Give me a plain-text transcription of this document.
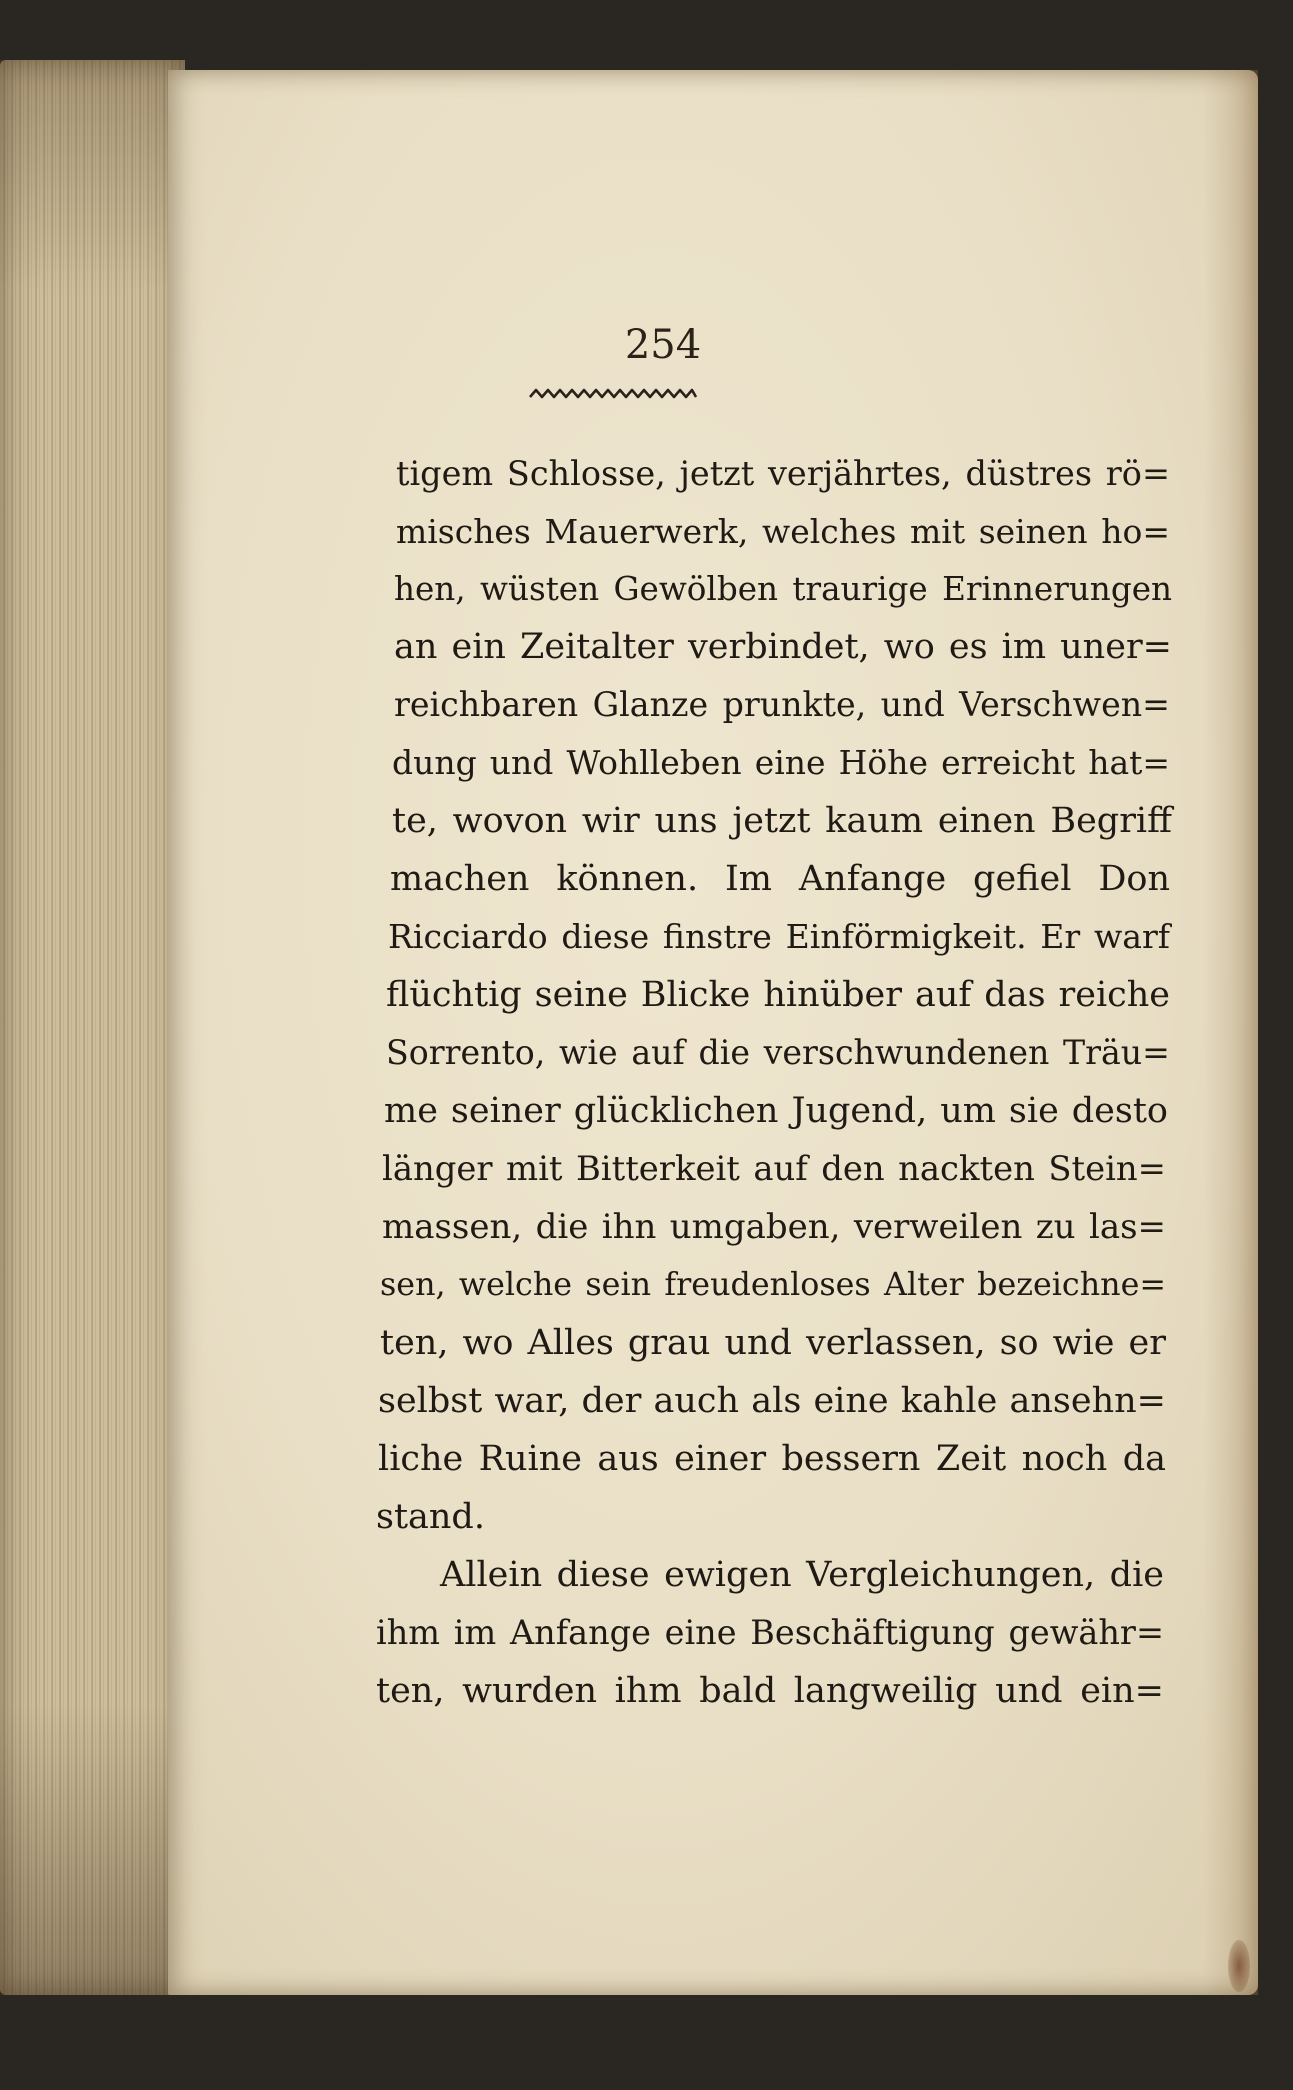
254
tigem Schlosse, jetzt verjährtes, düstres rö=
misches Mauerwerk, welches mit seinen ho=
hen, wüsten Gewölben traurige Erinnerungen
an ein Zeitalter verbindet, wo es im uner=
reichbaren Glanze prunkte, und Verschwen=
dung und Wohlleben eine Höhe erreicht hat=
te, wovon wir uns jetzt kaum einen Begriff
machen können. Im Anfange gefiel Don
Ricciardo diese finstre Einförmigkeit. Er warf
flüchtig seine Blicke hinüber auf das reiche
Sorrento, wie auf die verschwundenen Träu=
me seiner glücklichen Jugend, um sie desto
länger mit Bitterkeit auf den nackten Stein=
massen, die ihn umgaben, verweilen zu las=
sen, welche sein freudenloses Alter bezeichne=
ten, wo Alles grau und verlassen, so wie er
selbst war, der auch als eine kahle ansehn=
liche Ruine aus einer bessern Zeit noch da
stand.
Allein diese ewigen Vergleichungen, die
ihm im Anfange eine Beschäftigung gewähr=
ten, wurden ihm bald langweilig und ein=
